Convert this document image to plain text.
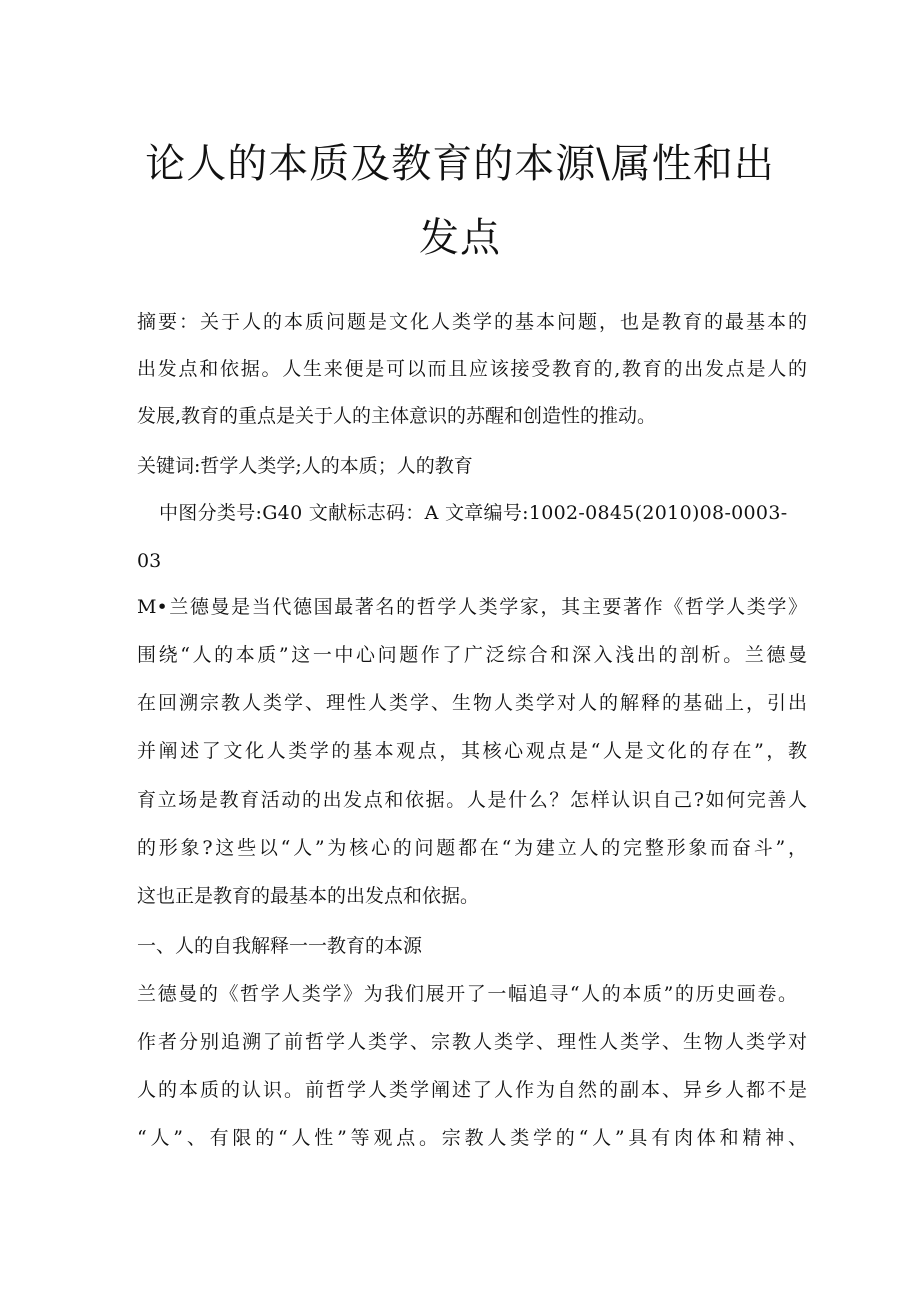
论人的本质及教育的本源\属性和出
发点

摘要：关于人的本质问题是文化人类学的基本问题，也是教育的最基本的

出发点和依据。人生来便是可以而且应该接受教育的,教育的出发点是人的

发展,教育的重点是关于人的主体意识的苏醒和创造性的推动。

关键词:哲学人类学;人的本质；人的教育

中图分类号:G40 文献标志码：A 文章编号:1002-0845(2010)08-0003-

03

M•兰德曼是当代德国最著名的哲学人类学家，其主要著作《哲学人类学》

围绕“人的本质”这一中心问题作了广泛综合和深入浅出的剖析。兰德曼

在回溯宗教人类学、理性人类学、生物人类学对人的解释的基础上，引出

并阐述了文化人类学的基本观点，其核心观点是“人是文化的存在”，教

育立场是教育活动的出发点和依据。人是什么？怎样认识自己?如何完善人

的形象?这些以“人”为核心的问题都在“为建立人的完整形象而奋斗”，

这也正是教育的最基本的出发点和依据。

一、人的自我解释一一教育的本源

兰德曼的《哲学人类学》为我们展开了一幅追寻“人的本质”的历史画卷。

作者分别追溯了前哲学人类学、宗教人类学、理性人类学、生物人类学对

人的本质的认识。前哲学人类学阐述了人作为自然的副本、异乡人都不是

“人”、有限的“人性”等观点。宗教人类学的“人”具有肉体和精神、
